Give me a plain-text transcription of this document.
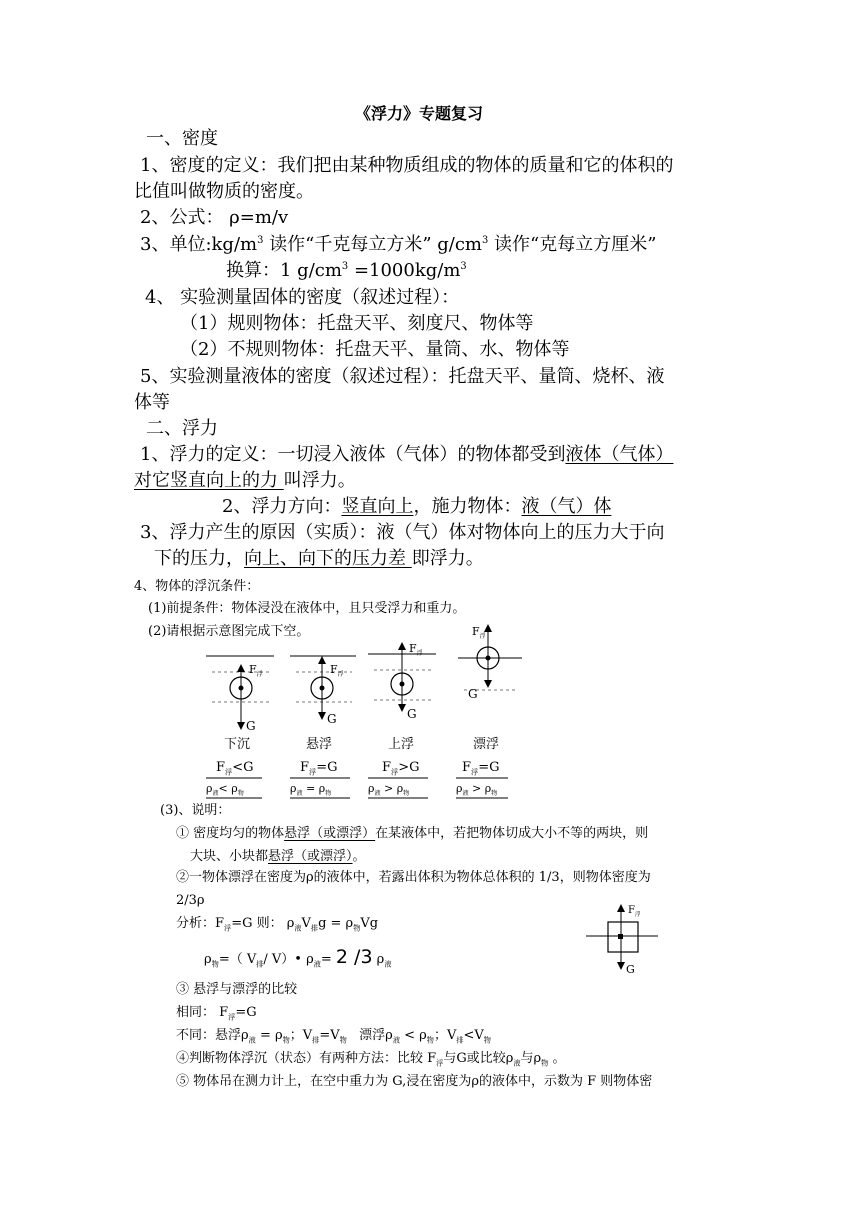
《浮力》专题复习
一、密度
1、密度的定义：我们把由某种物质组成的物体的质量和它的体积的
比值叫做物质的密度。
2、公式： ρ=m/v
3、单位$:kg/m^3$ 读作“千克每立方米” $g/cm^3$ 读作“克每立方厘米”
换算：1 $g/cm^3 =1000kg/m^3$
4、 实验测量固体的密度（叙述过程）：
（1）规则物体：托盘天平、刻度尺、物体等
（2）不规则物体：托盘天平、量筒、水、物体等
5、实验测量液体的密度（叙述过程）：托盘天平、量筒、烧杯、液
体等
二、浮力
1、浮力的定义：一切浸入液体（气体）的物体都受到液体（气体）
对它竖直向上的力 叫浮力。
2、浮力方向：竖直向上，施力物体：液（气）体
3、浮力产生的原因（实质）：液（气）体对物体向上的压力大于向
下的压力，向上、向下的压力差 即浮力。
4、物体的浮沉条件：
(1)前提条件：物体浸没在液体中，且只受浮力和重力。
(2)请根据示意图完成下空。
$F_浮$
G
$F_浮$
G
$F_浮$
G
$F_浮$
G
下沉	悬浮	上浮	漂浮
$F_浮<G$	$F_浮=G$	$F_浮>G$	$F_浮=G$
$\rho_液< \rho_物$	$\rho_液 = \rho_物$	$\rho_液 > \rho_物$	$\rho_液 > \rho_物$
(3)、说明：
① 密度均匀的物体悬浮（或漂浮）在某液体中，若把物体切成大小不等的两块，则
大块、小块都悬浮（或漂浮）。
②一物体漂浮在密度为ρ的液体中，若露出体积为物体总体积的 1/3，则物体密度为
2/3ρ
分析：$F_浮=G$ 则： $\rho_液V_排g = \rho_物Vg$
$\rho_物=$（ $V_排/$ V）• $\rho_液= 2$ /3 $\rho_液$
$F_浮$
G
③ 悬浮与漂浮的比较
相同： $F_浮=G$
不同：悬浮$\rho_液 = \rho_物$；$V_排=V_物$   漂浮$\rho_液 < \rho_物$；$V_排<V_物$
④判断物体浮沉（状态）有两种方法：比较 $F_浮$与G或比较$\rho_液$与$\rho_物$ 。
⑤ 物体吊在测力计上，在空中重力为 G,浸在密度为ρ的液体中，示数为 F 则物体密
